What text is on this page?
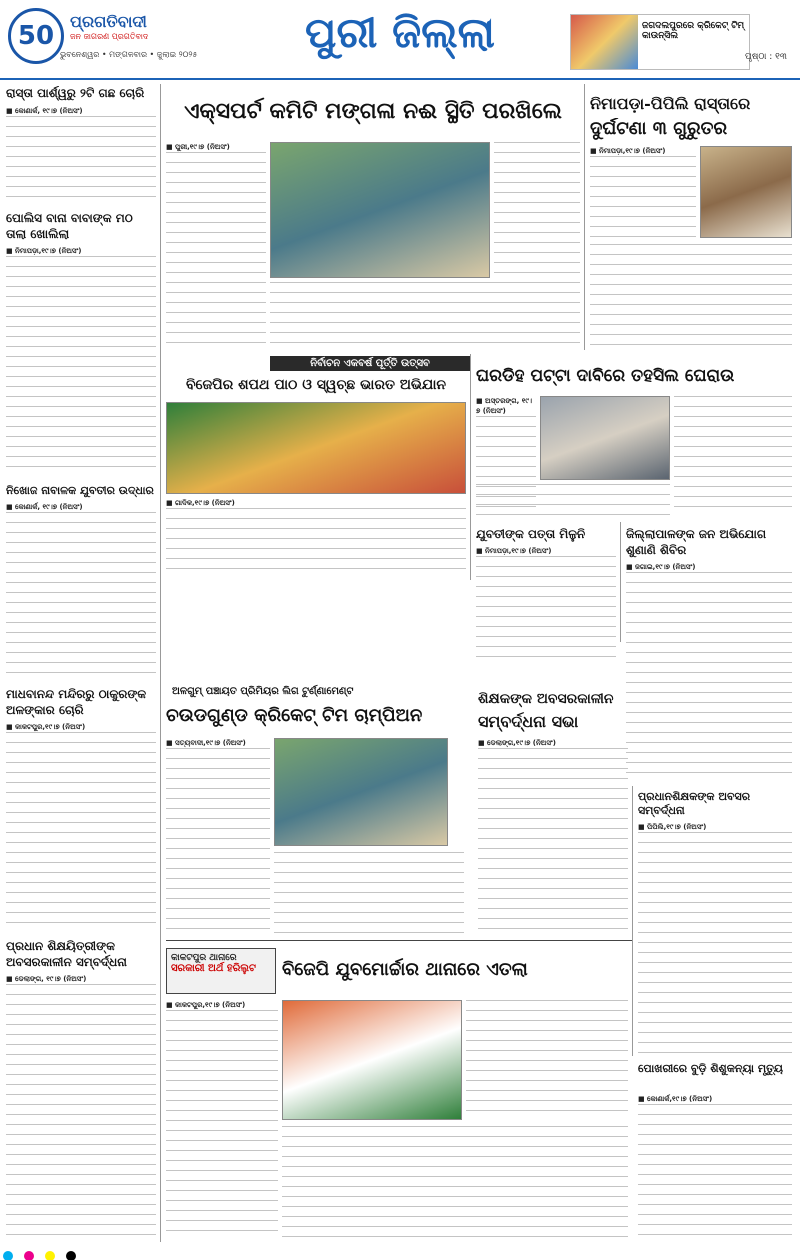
50 ପ୍ରଗତିବାଦୀ
ଜନ ଜାଗରଣ ପ୍ରଗତିବାଦ
ଭୁବନେଶ୍ୱର • ମଙ୍ଗଳବାର • ଜୁଲାଇ ୨୦୨୫	ପୁରୀ ଜିଲ୍ଲା	ଜଗଦଲପୁରରେ କ୍ରିକେଟ୍ ଟିମ୍ କାଉନ୍ସିଲ
ପୃଷ୍ଠା : ୧୩
ରାସ୍ତା ପାର୍ଶ୍ୱରୁ ୨ଟି ଗଛ ଚୋରି
■ କୋଣାର୍କ, ୧୯।୭ (ନିଅସଂ)
ପୋଲିସ ବାନା ବାବାଙ୍କ ମଠ ତାଲା ଖୋଲିଲା
■ ନିମାପଡ଼ା,୧୯।୭ (ନିଅସଂ)
ନିଖୋଜ ନାବାଳକ ଯୁବତୀର ଉଦ୍ଧାର
■ କୋଣାର୍କ, ୧୯।୭ (ନିଅସଂ)
ମାଧବାନନ୍ଦ ମନ୍ଦିରରୁ ଠାକୁରଙ୍କ ଅଳଙ୍କାର ଚୋରି
■ କାକଟପୁର,୧୯।୭ (ନିଅସଂ)
ପ୍ରଧାନ ଶିକ୍ଷୟିତ୍ରୀଙ୍କ ଅବସରକାଳୀନ ସମ୍ବର୍ଦ୍ଧନା
■ ଡେଲାଙ୍ଗ, ୧୯।୭ (ନିଅସଂ)
ଏକ୍ସପର୍ଟ କମିଟି ମଙ୍ଗଳା ନଈ ସ୍ଥିତି ପରଖିଲେ
■ ପୁରୀ,୧୯।୭ (ନିଅସଂ)
ନିମାପଡ଼ା-ପିପିଲି ରାସ୍ତାରେ
ଦୁର୍ଘଟଣା ୩ ଗୁରୁତର
■ ନିମାପଡ଼ା,୧୯।୭ (ନିଅସଂ)
ନିର୍ବାଚନ ଏକବର୍ଷ ପୂର୍ତ୍ତି ଉତ୍ସବ
ବିଜେପିର ଶପଥ ପାଠ ଓ ସ୍ୱଚ୍ଛ ଭାରତ ଅଭିଯାନ
■ ଗାଦିକ,୧୯।୭ (ନିଅସଂ)
ଘରଡିହ ପଟ୍ଟା ଦାବିରେ ତହସିଲ ଘେରାଉ
■ ଅସ୍ତରଙ୍ଗ, ୧୯।୭ (ନିଅସଂ)
ଯୁବତୀଙ୍କ ପତ୍ତା ମିଳୁନି
■ ନିମାପଡ଼ା,୧୯।୭ (ନିଅସଂ)
ଜିଲ୍ଲାପାଳଙ୍କ ଜନ ଅଭିଯୋଗ ଶୁଣାଣି ଶିବିର
■ ଜଗାଇ,୧୯।୭ (ନିଅସଂ)
ଅଳଗୁମ୍ ପଞ୍ଚାୟତ ପ୍ରିମିୟର ଲିଗ ଟୁର୍ଣ୍ଣାମେଣ୍ଟ
ଚଉଡଗୁଣ୍ଡ କ୍ରିକେଟ୍ ଟିମ ଚାମ୍ପିଅନ
■ ସତ୍ୟବାଦୀ,୧୯।୭ (ନିଅସଂ)
ଶିକ୍ଷକଙ୍କ ଅବସରକାଳୀନ
ସମ୍ବର୍ଦ୍ଧନା ସଭା
■ ଡେଲାଙ୍ଗ,୧୯।୭ (ନିଅସଂ)
ପ୍ରଧାନଶିକ୍ଷକଙ୍କ ଅବସର ସମ୍ବର୍ଦ୍ଧନା
■ ପିପିଲି,୧୯।୭ (ନିଅସଂ)
କାକଟପୁର ଥାନାରେ
ସରକାରୀ ଅର୍ଥ ହରିଲୁଟ	ବିଜେପି ଯୁବମୋର୍ଚ୍ଚାର ଥାନାରେ ଏତଲା
■ କାକଟପୁର,୧୯।୭ (ନିଅସଂ)
ପୋଖରୀରେ ବୁଡ଼ି ଶିଶୁକନ୍ୟା ମୃତ୍ୟୁ
■ କୋଣାର୍କ,୧୯।୭ (ନିଅସଂ)
